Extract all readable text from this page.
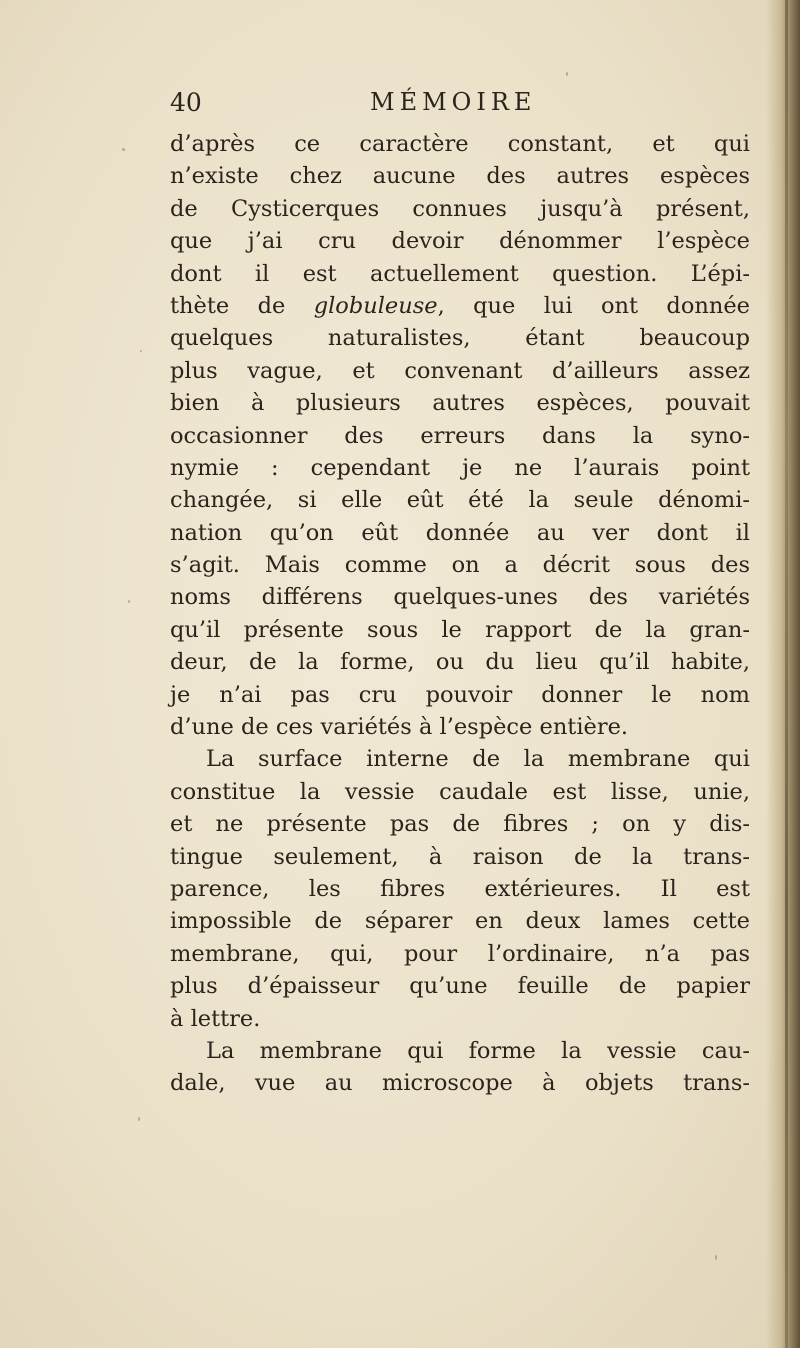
40	MÉMOIRE
d’après ce caractère constant, et qui
n’existe chez aucune des autres espèces
de Cysticerques connues jusqu’à présent,
que j’ai cru devoir dénommer l’espèce
dont il est actuellement question. L’épi-
thète de globuleuse, que lui ont donnée
quelques naturalistes, étant beaucoup
plus vague, et convenant d’ailleurs assez
bien à plusieurs autres espèces, pouvait
occasionner des erreurs dans la syno-
nymie : cependant je ne l’aurais point
changée, si elle eût été la seule dénomi-
nation qu’on eût donnée au ver dont il
s’agit. Mais comme on a décrit sous des
noms différens quelques-unes des variétés
qu’il présente sous le rapport de la gran-
deur, de la forme, ou du lieu qu’il habite,
je n’ai pas cru pouvoir donner le nom
d’une de ces variétés à l’espèce entière.
La surface interne de la membrane qui
constitue la vessie caudale est lisse, unie,
et ne présente pas de fibres ; on y dis-
tingue seulement, à raison de la trans-
parence, les fibres extérieures. Il est
impossible de séparer en deux lames cette
membrane, qui, pour l’ordinaire, n’a pas
plus d’épaisseur qu’une feuille de papier
à lettre.
La membrane qui forme la vessie cau-
dale, vue au microscope à objets trans-
